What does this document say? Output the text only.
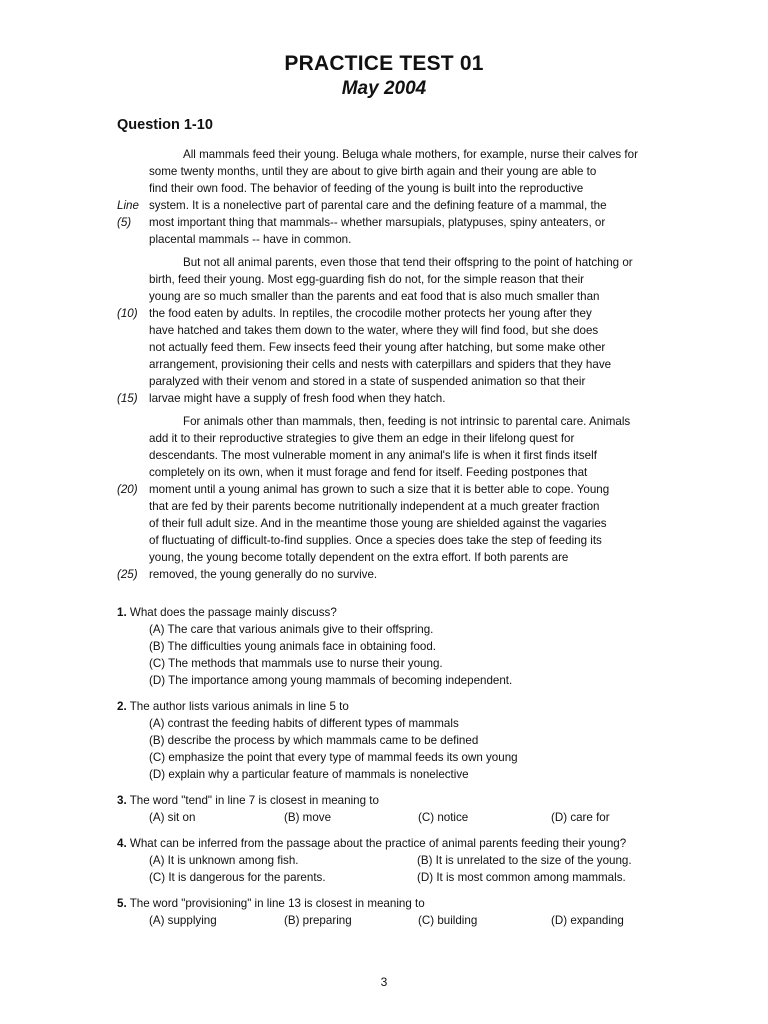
PRACTICE TEST 01
May 2004
Question 1-10
All mammals feed their young. Beluga whale mothers, for example, nurse their calves for
some twenty months, until they are about to give birth again and their young are able to
find their own food. The behavior of feeding of the young is built into the reproductive
Line system. It is a nonelective part of parental care and the defining feature of a mammal, the
(5)	most important thing that mammals-- whether marsupials, platypuses, spiny anteaters, or
placental mammals -- have in common.
But not all animal parents, even those that tend their offspring to the point of hatching or
birth, feed their young. Most egg-guarding fish do not, for the simple reason that their
young are so much smaller than the parents and eat food that is also much smaller than
(10) the food eaten by adults. In reptiles, the crocodile mother protects her young after they
have hatched and takes them down to the water, where they will find food, but she does
not actually feed them. Few insects feed their young after hatching, but some make other
arrangement, provisioning their cells and nests with caterpillars and spiders that they have
paralyzed with their venom and stored in a state of suspended animation so that their
(15) larvae might have a supply of fresh food when they hatch.
For animals other than mammals, then, feeding is not intrinsic to parental care. Animals
add it to their reproductive strategies to give them an edge in their lifelong quest for
descendants. The most vulnerable moment in any animal's life is when it first finds itself
completely on its own, when it must forage and fend for itself. Feeding postpones that
(20) moment until a young animal has grown to such a size that it is better able to cope. Young
that are fed by their parents become nutritionally independent at a much greater fraction
of their full adult size. And in the meantime those young are shielded against the vagaries
of fluctuating of difficult-to-find supplies. Once a species does take the step of feeding its
young, the young become totally dependent on the extra effort. If both parents are
(25) removed, the young generally do no survive.
1. What does the passage mainly discuss?
(A) The care that various animals give to their offspring.
(B) The difficulties young animals face in obtaining food.
(C) The methods that mammals use to nurse their young.
(D) The importance among young mammals of becoming independent.
2. The author lists various animals in line 5 to
(A) contrast the feeding habits of different types of mammals
(B) describe the process by which mammals came to be defined
(C) emphasize the point that every type of mammal feeds its own young
(D) explain why a particular feature of mammals is nonelective
3. The word "tend" in line 7 is closest in meaning to
(A) sit on	(B) move	(C) notice	(D) care for
4. What can be inferred from the passage about the practice of animal parents feeding their young?
(A) It is unknown among fish.	(B) It is unrelated to the size of the young.
(C) It is dangerous for the parents.	(D) It is most common among mammals.
5. The word "provisioning" in line 13 is closest in meaning to
(A) supplying	(B) preparing	(C) building	(D) expanding
3
